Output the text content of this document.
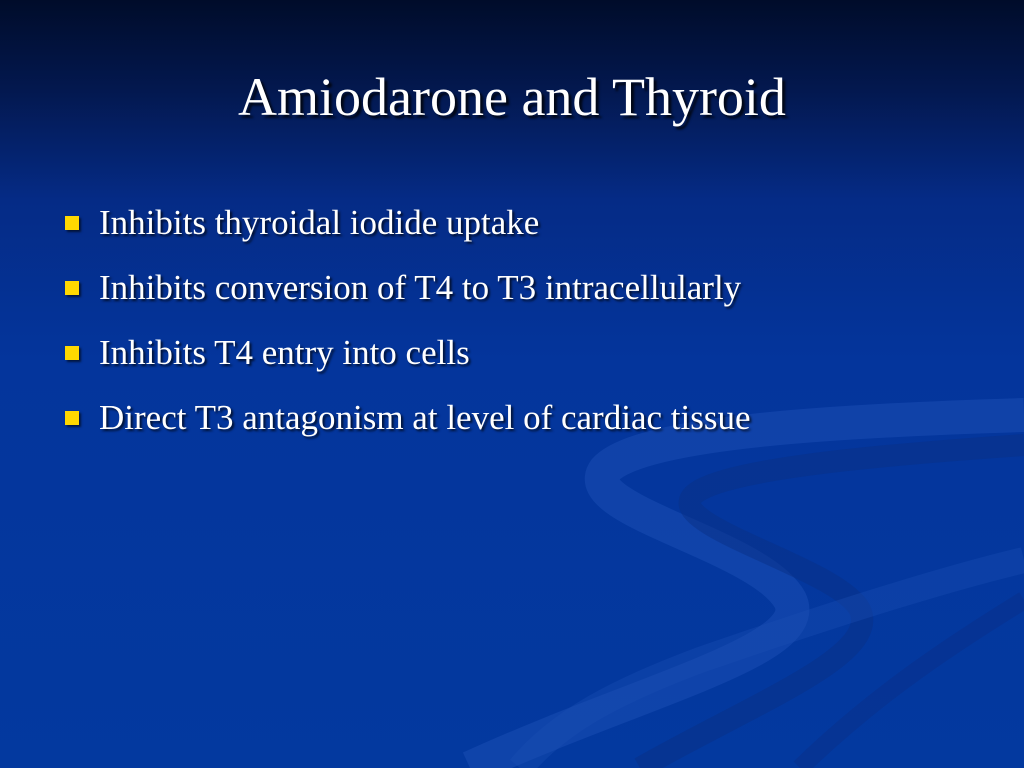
Amiodarone and Thyroid
Inhibits thyroidal iodide uptake
Inhibits conversion of T4 to T3 intracellularly
Inhibits T4 entry into cells
Direct T3 antagonism at level of cardiac tissue
